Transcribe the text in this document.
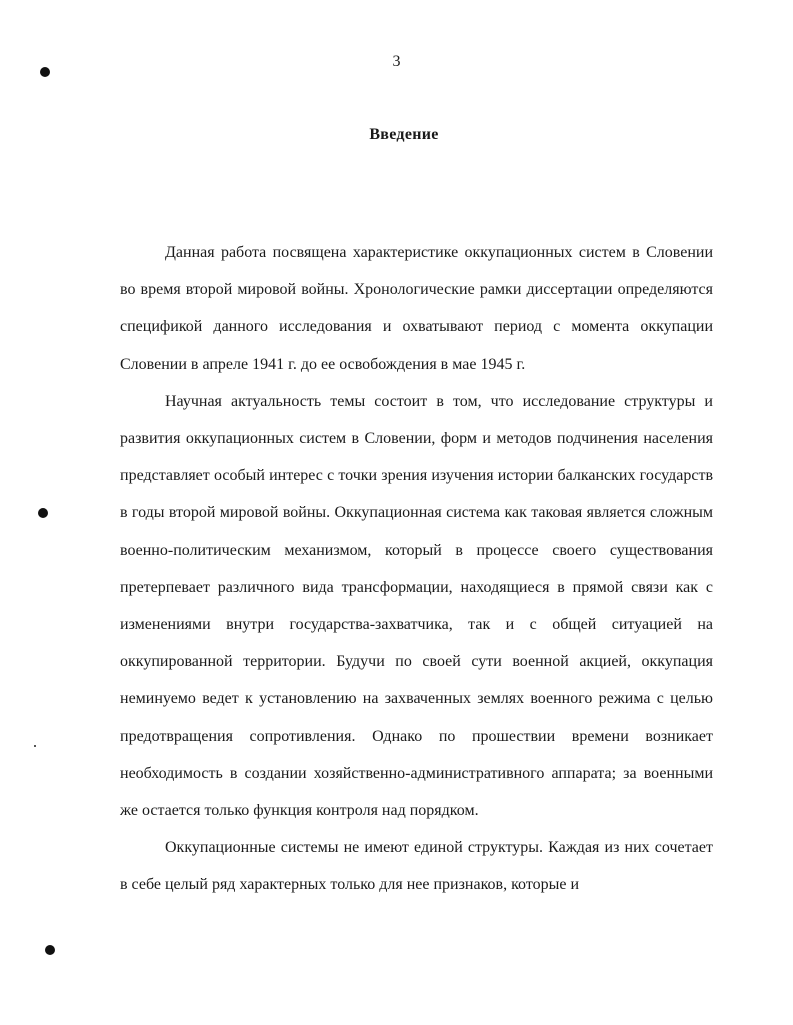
3
Введение

Данная работа посвящена характеристике оккупационных систем в Словении во время второй мировой войны. Хронологические рамки диссертации определяются спецификой данного исследования и охватывают период с момента оккупации Словении в апреле 1941 г. до ее освобождения в мае 1945 г.

Научная актуальность темы состоит в том, что исследование структуры и развития оккупационных систем в Словении, форм и методов подчинения населения представляет особый интерес с точки зрения изучения истории балканских государств в годы второй мировой войны. Оккупационная система как таковая является сложным военно-политическим механизмом, который в процессе своего существования претерпевает различного вида трансформации, находящиеся в прямой связи как с изменениями внутри государства-захватчика, так и с общей ситуацией на оккупированной территории. Будучи по своей сути военной акцией, оккупация неминуемо ведет к установлению на захваченных землях военного режима с целью предотвращения сопротивления. Однако по прошествии времени возникает необходимость в создании хозяйственно-административного аппарата; за военными же остается только функция контроля над порядком.

Оккупационные системы не имеют единой структуры. Каждая из них сочетает в себе целый ряд характерных только для нее признаков, которые и
